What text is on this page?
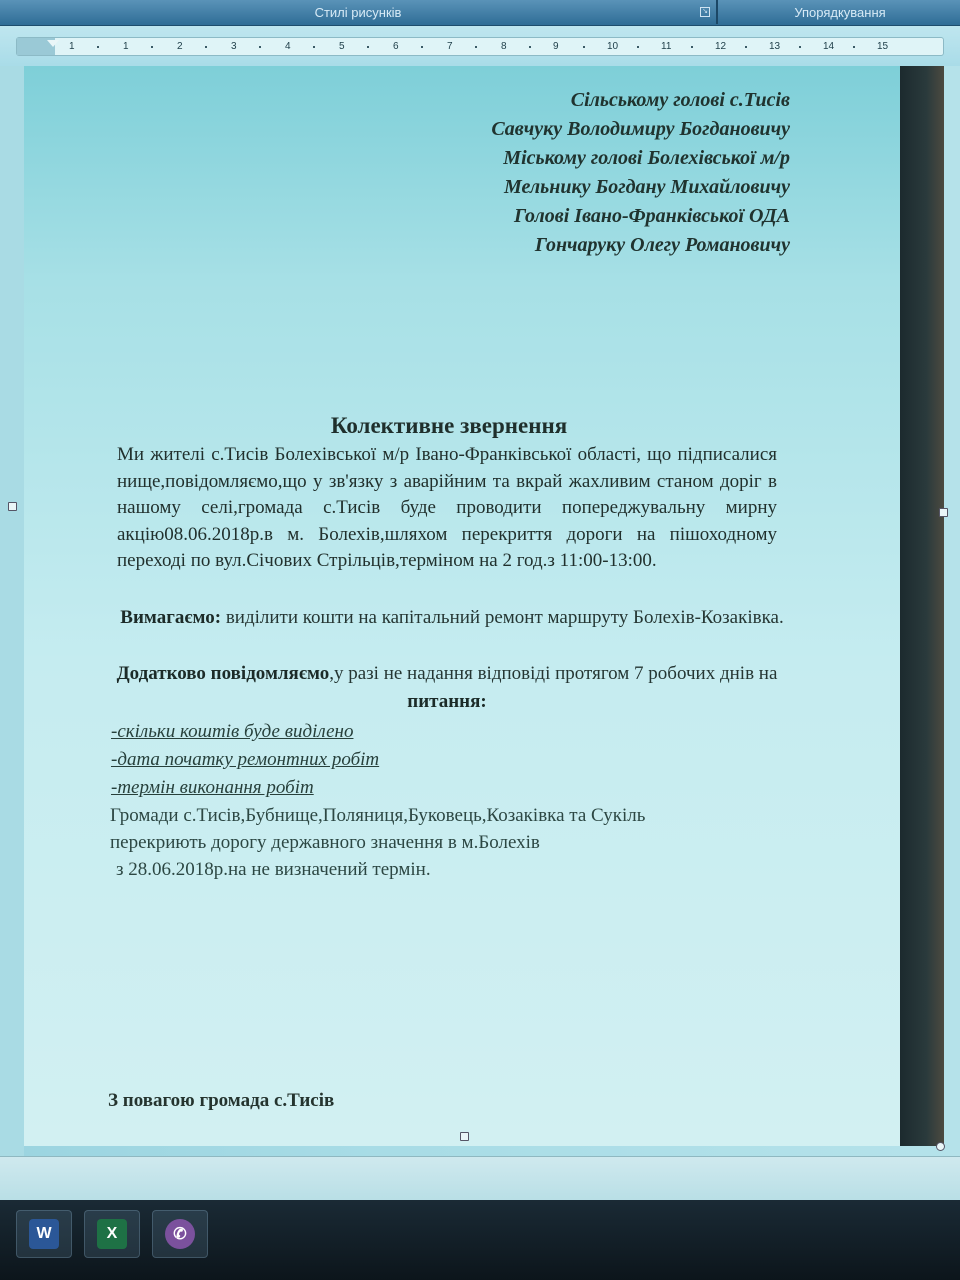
Стилі рисунків	↘	Упорядкування
1	1	2	3	4	5	6	7	8	9	10	11	12	13	14	15
Сільському голові с.Тисів
Савчуку Володимиру Богдановичу
Міському голові Болехівської м/р
Мельнику Богдану Михайловичу
Голові Івано-Франківської ОДА
Гончаруку Олегу Романовичу
Колективне звернення
Ми жителі с.Тисів Болехівської м/р Івано-Франківської області, що підписалися нище,повідомляємо,що у зв'язку з аварійним та вкрай жахливим станом доріг в нашому селі,громада с.Тисів буде проводити попереджувальну мирну акцію08.06.2018р.в м. Болехів,шляхом перекриття дороги на пішоходному переході по вул.Січових Стрільців,терміном на 2 год.з 11:00-13:00.
Вимагаємо: виділити кошти на капітальний ремонт маршруту Болехів-Козаківка.
Додатково повідомляємо,у разі не надання відповіді протягом 7 робочих днів на питання:
-скільки коштів буде виділено
-дата початку ремонтних робіт
-термін виконання робіт
Громади с.Тисів,Бубнище,Поляниця,Буковець,Козаківка та Сукіль
перекриють дорогу державного значення в м.Болехів
з 28.06.2018р.на не визначений термін.
З повагою громада с.Тисів
W	X	✆
